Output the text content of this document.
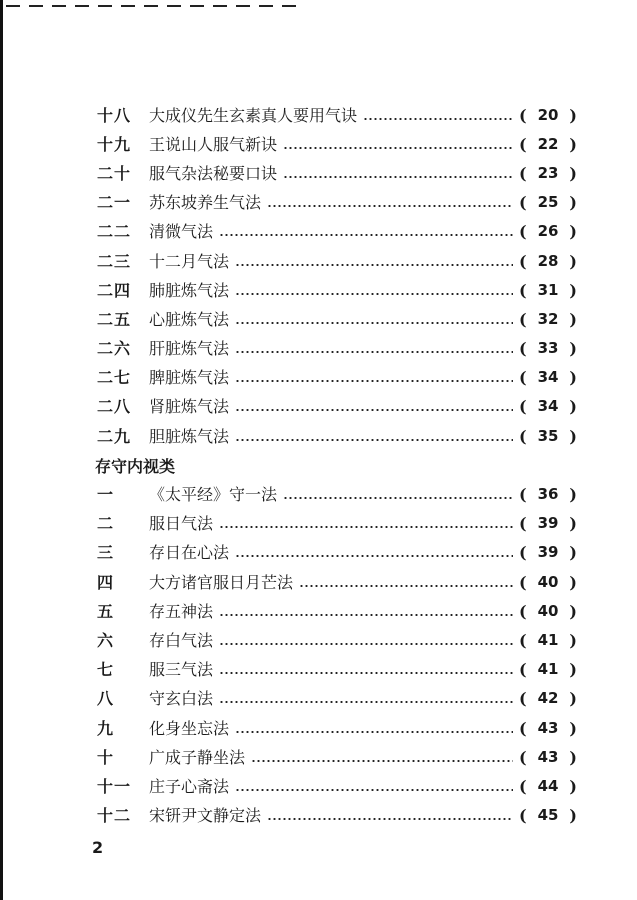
十八	大成仪先生玄素真人要用气诀	( 20 )
十九	王说山人服气新诀	( 22 )
二十	服气杂法秘要口诀	( 23 )
二一	苏东坡养生气法	( 25 )
二二	清微气法	( 26 )
二三	十二月气法	( 28 )
二四	肺脏炼气法	( 31 )
二五	心脏炼气法	( 32 )
二六	肝脏炼气法	( 33 )
二七	脾脏炼气法	( 34 )
二八	肾脏炼气法	( 34 )
二九	胆脏炼气法	( 35 )
存守内视类
一	《太平经》守一法	( 36 )
二	服日气法	( 39 )
三	存日在心法	( 39 )
四	大方诸官服日月芒法	( 40 )
五	存五神法	( 40 )
六	存白气法	( 41 )
七	服三气法	( 41 )
八	守玄白法	( 42 )
九	化身坐忘法	( 43 )
十	广成子静坐法	( 43 )
十一	庄子心斋法	( 44 )
十二	宋钘尹文静定法	( 45 )
2
